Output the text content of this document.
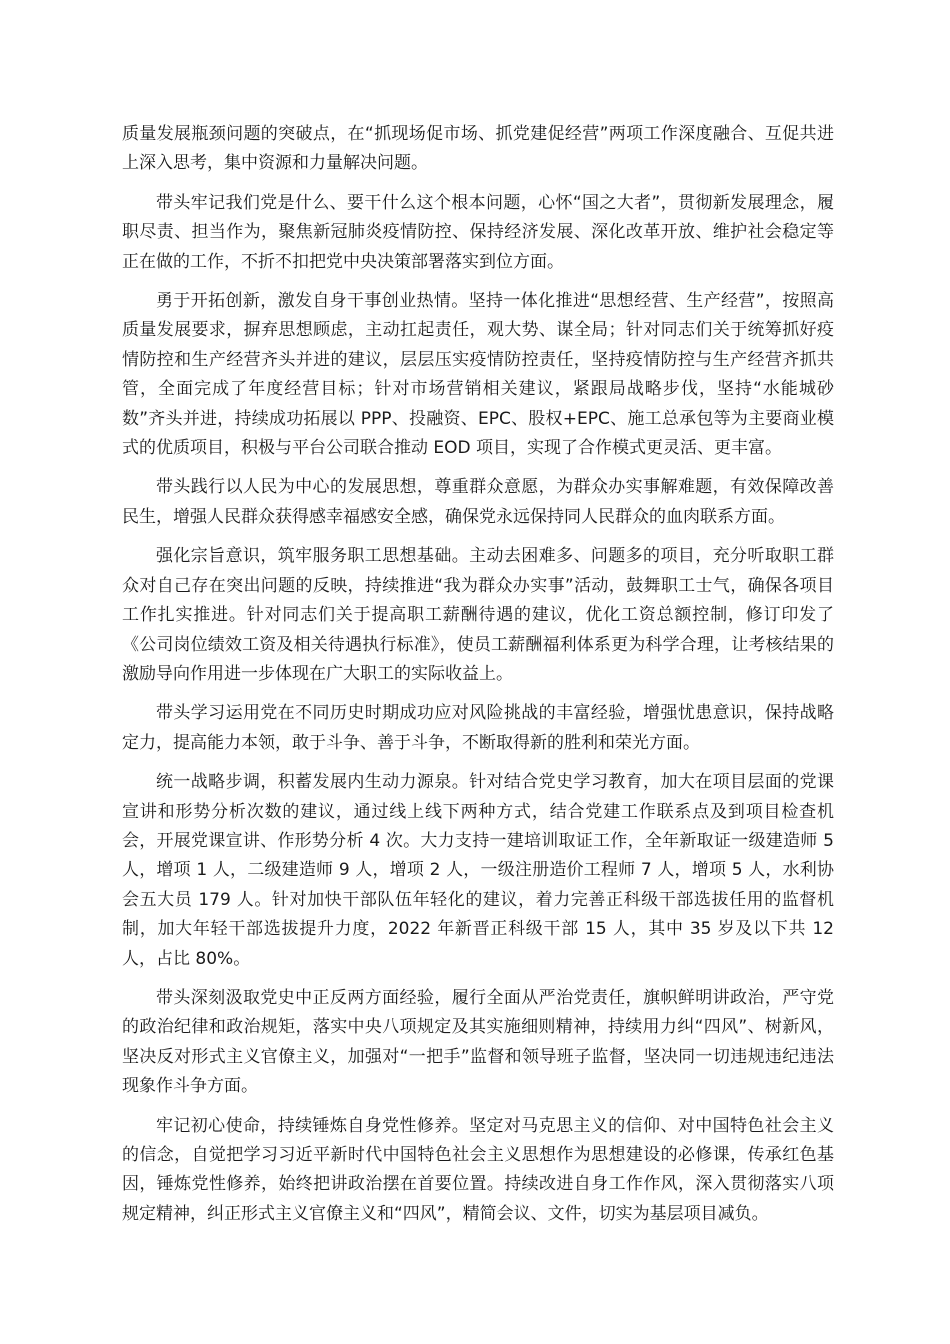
质量发展瓶颈问题的突破点，在“抓现场促市场、抓党建促经营”两项工作深度融合、互促共进上深入思考，集中资源和力量解决问题。

带头牢记我们党是什么、要干什么这个根本问题，心怀“国之大者”，贯彻新发展理念，履职尽责、担当作为，聚焦新冠肺炎疫情防控、保持经济发展、深化改革开放、维护社会稳定等正在做的工作，不折不扣把党中央决策部署落实到位方面。

勇于开拓创新，激发自身干事创业热情。坚持一体化推进“思想经营、生产经营”，按照高质量发展要求，摒弃思想顾虑，主动扛起责任，观大势、谋全局；针对同志们关于统筹抓好疫情防控和生产经营齐头并进的建议，层层压实疫情防控责任，坚持疫情防控与生产经营齐抓共管，全面完成了年度经营目标；针对市场营销相关建议，紧跟局战略步伐，坚持“水能城砂数”齐头并进，持续成功拓展以 PPP、投融资、EPC、股权+EPC、施工总承包等为主要商业模式的优质项目，积极与平台公司联合推动 EOD 项目，实现了合作模式更灵活、更丰富。

带头践行以人民为中心的发展思想，尊重群众意愿，为群众办实事解难题，有效保障改善民生，增强人民群众获得感幸福感安全感，确保党永远保持同人民群众的血肉联系方面。

强化宗旨意识，筑牢服务职工思想基础。主动去困难多、问题多的项目，充分听取职工群众对自己存在突出问题的反映，持续推进“我为群众办实事”活动，鼓舞职工士气，确保各项目工作扎实推进。针对同志们关于提高职工薪酬待遇的建议，优化工资总额控制，修订印发了《公司岗位绩效工资及相关待遇执行标准》，使员工薪酬福利体系更为科学合理，让考核结果的激励导向作用进一步体现在广大职工的实际收益上。

带头学习运用党在不同历史时期成功应对风险挑战的丰富经验，增强忧患意识，保持战略定力，提高能力本领，敢于斗争、善于斗争，不断取得新的胜利和荣光方面。

统一战略步调，积蓄发展内生动力源泉。针对结合党史学习教育，加大在项目层面的党课宣讲和形势分析次数的建议，通过线上线下两种方式，结合党建工作联系点及到项目检查机会，开展党课宣讲、作形势分析 4 次。大力支持一建培训取证工作，全年新取证一级建造师 5 人，增项 1 人，二级建造师 9 人，增项 2 人，一级注册造价工程师 7 人，增项 5 人，水利协会五大员 179 人。针对加快干部队伍年轻化的建议，着力完善正科级干部选拔任用的监督机制，加大年轻干部选拔提升力度，2022 年新晋正科级干部 15 人，其中 35 岁及以下共 12 人，占比 80%。

带头深刻汲取党史中正反两方面经验，履行全面从严治党责任，旗帜鲜明讲政治，严守党的政治纪律和政治规矩，落实中央八项规定及其实施细则精神，持续用力纠“四风”、树新风，坚决反对形式主义官僚主义，加强对“一把手”监督和领导班子监督，坚决同一切违规违纪违法现象作斗争方面。

牢记初心使命，持续锤炼自身党性修养。坚定对马克思主义的信仰、对中国特色社会主义的信念，自觉把学习习近平新时代中国特色社会主义思想作为思想建设的必修课，传承红色基因，锤炼党性修养，始终把讲政治摆在首要位置。持续改进自身工作作风，深入贯彻落实八项规定精神，纠正形式主义官僚主义和“四风”，精简会议、文件，切实为基层项目减负。
